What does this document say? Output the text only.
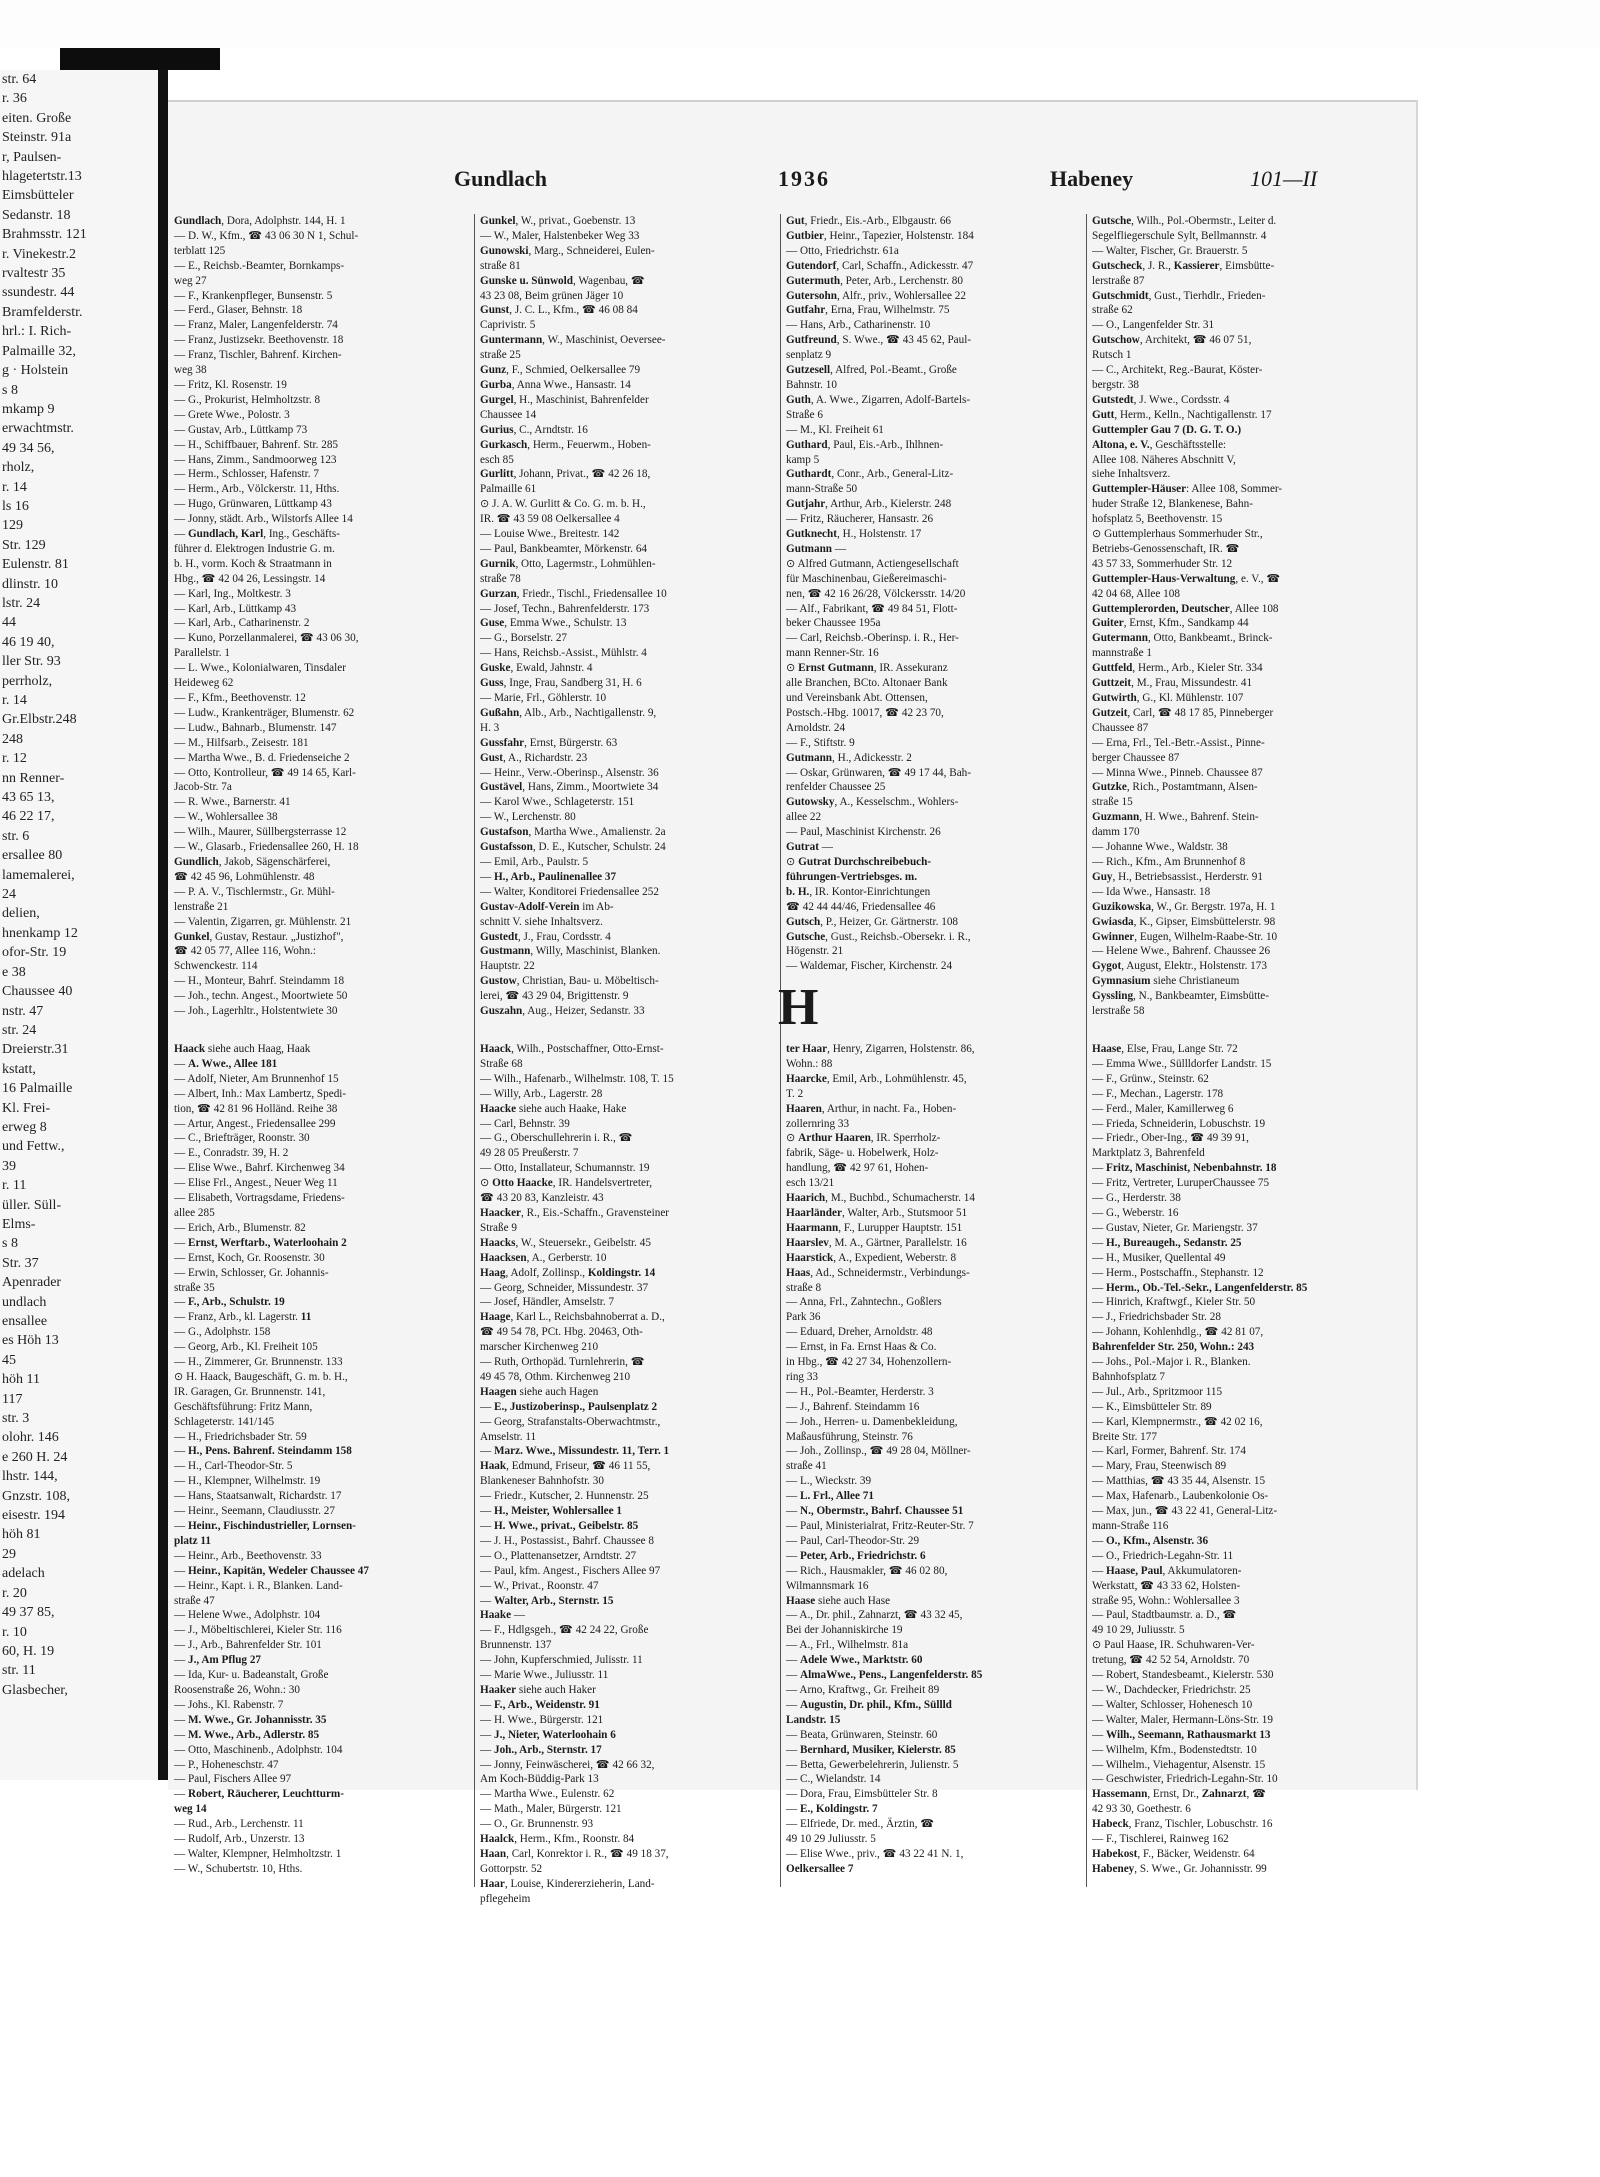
str. 64
r. 36
eiten. Große
Steinstr. 91a
r, Paulsen-
hlagetertstr.13
Eimsbütteler
Sedanstr. 18
Brahmsstr. 121
r. Vinekestr.2
rvaltestr 35
ssundestr. 44
Bramfelderstr.
hrl.: I. Rich-
Palmaille 32,
g · Holstein
s 8
mkamp 9
erwachtmstr.
49 34 56,
rholz,
r. 14
ls 16
129
Str. 129
Eulenstr. 81
dlinstr. 10
lstr. 24
44
46 19 40,
ller Str. 93
perrholz,
r. 14
Gr.Elbstr.248
248
r. 12
nn Renner-
43 65 13,
46 22 17,
str. 6
ersallee 80
lamemalerei,
24
delien,
hnenkamp 12
ofor-Str. 19
e 38
Chaussee 40
nstr. 47
str. 24
Dreierstr.31
kstatt,
16 Palmaille
Kl. Frei-
erweg 8
und Fettw.,
39
r. 11
üller. Süll-
Elms-
s 8
Str. 37
Apenrader
undlach
ensallee
es Höh 13
45
höh 11
117
str. 3
olohr. 146
e 260 H. 24
lhstr. 144,
Gnzstr. 108,
eisestr. 194
höh 81
29
adelach
r. 20
49 37 85,
r. 10
60, H. 19
str. 11
Glasbecher,
Gundlach	1936	Habeney	101—II
Gundlach, Dora, Adolphstr. 144, H. 1
— D. W., Kfm., ☎ 43 06 30 N 1, Schul-
terblatt 125
— E., Reichsb.-Beamter, Bornkamps-
weg 27
— F., Krankenpfleger, Bunsenstr. 5
— Ferd., Glaser, Behnstr. 18
— Franz, Maler, Langenfelderstr. 74
— Franz, Justizsekr. Beethovenstr. 18
— Franz, Tischler, Bahrenf. Kirchen-
weg 38
— Fritz, Kl. Rosenstr. 19
— G., Prokurist, Helmholtzstr. 8
— Grete Wwe., Polostr. 3
— Gustav, Arb., Lüttkamp 73
— H., Schiffbauer, Bahrenf. Str. 285
— Hans, Zimm., Sandmoorweg 123
— Herm., Schlosser, Hafenstr. 7
— Herm., Arb., Völckerstr. 11, Hths.
— Hugo, Grünwaren, Lüttkamp 43
— Jonny, städt. Arb., Wilstorfs Allee 14
— Gundlach, Karl, Ing., Geschäfts-
führer d. Elektrogen Industrie G. m.
b. H., vorm. Koch & Straatmann in
Hbg., ☎ 42 04 26, Lessingstr. 14
— Karl, Ing., Moltkestr. 3
— Karl, Arb., Lüttkamp 43
— Karl, Arb., Catharinenstr. 2
— Kuno, Porzellanmalerei, ☎ 43 06 30,
Parallelstr. 1
— L. Wwe., Kolonialwaren, Tinsdaler
Heideweg 62
— F., Kfm., Beethovenstr. 12
— Ludw., Krankenträger, Blumenstr. 62
— Ludw., Bahnarb., Blumenstr. 147
— M., Hilfsarb., Zeisestr. 181
— Martha Wwe., B. d. Friedenseiche 2
— Otto, Kontrolleur, ☎ 49 14 65, Karl-
Jacob-Str. 7a
— R. Wwe., Barnerstr. 41
— W., Wohlersallee 38
— Wilh., Maurer, Süllbergsterrasse 12
— W., Glasarb., Friedensallee 260, H. 18
Gundlich, Jakob, Sägenschärferei,
☎ 42 45 96, Lohmühlenstr. 48
— P. A. V., Tischlermstr., Gr. Mühl-
lenstraße 21
— Valentin, Zigarren, gr. Mühlenstr. 21
Gunkel, Gustav, Restaur. „Justizhof",
☎ 42 05 77, Allee 116, Wohn.:
Schwenckestr. 114
— H., Monteur, Bahrf. Steindamm 18
— Joh., techn. Angest., Moortwiete 50
— Joh., Lagerhltr., Holstentwiete 30
Gunkel, W., privat., Goebenstr. 13
— W., Maler, Halstenbeker Weg 33
Gunowski, Marg., Schneiderei, Eulen-
straße 81
Gunske u. Sünwold, Wagenbau, ☎
43 23 08, Beim grünen Jäger 10
Gunst, J. C. L., Kfm., ☎ 46 08 84
Caprivistr. 5
Guntermann, W., Maschinist, Oeversee-
straße 25
Gunz, F., Schmied, Oelkersallee 79
Gurba, Anna Wwe., Hansastr. 14
Gurgel, H., Maschinist, Bahrenfelder
Chaussee 14
Gurius, C., Arndtstr. 16
Gurkasch, Herm., Feuerwm., Hoben-
esch 85
Gurlitt, Johann, Privat., ☎ 42 26 18,
Palmaille 61
⊙ J. A. W. Gurlitt & Co. G. m. b. H.,
IR. ☎ 43 59 08 Oelkersallee 4
— Louise Wwe., Breitestr. 142
— Paul, Bankbeamter, Mörkenstr. 64
Gurnik, Otto, Lagermstr., Lohmühlen-
straße 78
Gurzan, Friedr., Tischl., Friedensallee 10
— Josef, Techn., Bahrenfelderstr. 173
Guse, Emma Wwe., Schulstr. 13
— G., Borselstr. 27
— Hans, Reichsb.-Assist., Mühlstr. 4
Guske, Ewald, Jahnstr. 4
Guss, Inge, Frau, Sandberg 31, H. 6
— Marie, Frl., Göhlerstr. 10
Gußahn, Alb., Arb., Nachtigallenstr. 9,
H. 3
Gussfahr, Ernst, Bürgerstr. 63
Gust, A., Richardstr. 23
— Heinr., Verw.-Oberinsp., Alsenstr. 36
Gustävel, Hans, Zimm., Moortwiete 34
— Karol Wwe., Schlageterstr. 151
— W., Lerchenstr. 80
Gustafson, Martha Wwe., Amalienstr. 2a
Gustafsson, D. E., Kutscher, Schulstr. 24
— Emil, Arb., Paulstr. 5
— H., Arb., Paulinenallee 37
— Walter, Konditorei Friedensallee 252
Gustav-Adolf-Verein im Ab-
schnitt V. siehe Inhaltsverz.
Gustedt, J., Frau, Cordsstr. 4
Gustmann, Willy, Maschinist, Blanken.
Hauptstr. 22
Gustow, Christian, Bau- u. Möbeltisch-
lerei, ☎ 43 29 04, Brigittenstr. 9
Guszahn, Aug., Heizer, Sedanstr. 33
Gut, Friedr., Eis.-Arb., Elbgaustr. 66
Gutbier, Heinr., Tapezier, Holstenstr. 184
— Otto, Friedrichstr. 61a
Gutendorf, Carl, Schaffn., Adickesstr. 47
Gutermuth, Peter, Arb., Lerchenstr. 80
Gutersohn, Alfr., priv., Wohlersallee 22
Gutfahr, Erna, Frau, Wilhelmstr. 75
— Hans, Arb., Catharinenstr. 10
Gutfreund, S. Wwe., ☎ 43 45 62, Paul-
senplatz 9
Gutzesell, Alfred, Pol.-Beamt., Große
Bahnstr. 10
Guth, A. Wwe., Zigarren, Adolf-Bartels-
Straße 6
— M., Kl. Freiheit 61
Guthard, Paul, Eis.-Arb., Ihlhnen-
kamp 5
Guthardt, Conr., Arb., General-Litz-
mann-Straße 50
Gutjahr, Arthur, Arb., Kielerstr. 248
— Fritz, Räucherer, Hansastr. 26
Gutknecht, H., Holstenstr. 17
Gutmann —
⊙ Alfred Gutmann, Actiengesellschaft
für Maschinenbau, Gießereimaschi-
nen, ☎ 42 16 26/28, Völckersstr. 14/20
— Alf., Fabrikant, ☎ 49 84 51, Flott-
beker Chaussee 195a
— Carl, Reichsb.-Oberinsp. i. R., Her-
mann Renner-Str. 16
⊙ Ernst Gutmann, IR. Assekuranz
alle Branchen, BCto. Altonaer Bank
und Vereinsbank Abt. Ottensen,
Postsch.-Hbg. 10017, ☎ 42 23 70,
Arnoldstr. 24
— F., Stiftstr. 9
Gutmann, H., Adickesstr. 2
— Oskar, Grünwaren, ☎ 49 17 44, Bah-
renfelder Chaussee 25
Gutowsky, A., Kesselschm., Wohlers-
allee 22
— Paul, Maschinist Kirchenstr. 26
Gutrat —
⊙ Gutrat Durchschreibebuch-
führungen-Vertriebsges. m.
b. H., IR. Kontor-Einrichtungen
☎ 42 44 44/46, Friedensallee 46
Gutsch, P., Heizer, Gr. Gärtnerstr. 108
Gutsche, Gust., Reichsb.-Obersekr. i. R.,
Högenstr. 21
— Waldemar, Fischer, Kirchenstr. 24
Gutsche, Wilh., Pol.-Obermstr., Leiter d.
Segelfliegerschule Sylt, Bellmannstr. 4
— Walter, Fischer, Gr. Brauerstr. 5
Gutscheck, J. R., Kassierer, Eimsbütte-
lerstraße 87
Gutschmidt, Gust., Tierhdlr., Frieden-
straße 62
— O., Langenfelder Str. 31
Gutschow, Architekt, ☎ 46 07 51,
Rutsch 1
— C., Architekt, Reg.-Baurat, Köster-
bergstr. 38
Gutstedt, J. Wwe., Cordsstr. 4
Gutt, Herm., Kelln., Nachtigallenstr. 17
Guttempler Gau 7 (D. G. T. O.)
Altona, e. V., Geschäftsstelle:
Allee 108. Näheres Abschnitt V,
siehe Inhaltsverz.
Guttempler-Häuser: Allee 108, Sommer-
huder Straße 12, Blankenese, Bahn-
hofsplatz 5, Beethovenstr. 15
⊙ Guttemplerhaus Sommerhuder Str.,
Betriebs-Genossenschaft, IR. ☎
43 57 33, Sommerhuder Str. 12
Guttempler-Haus-Verwaltung, e. V., ☎
42 04 68, Allee 108
Guttemplerorden, Deutscher, Allee 108
Guiter, Ernst, Kfm., Sandkamp 44
Gutermann, Otto, Bankbeamt., Brinck-
mannstraße 1
Guttfeld, Herm., Arb., Kieler Str. 334
Guttzeit, M., Frau, Missundestr. 41
Gutwirth, G., Kl. Mühlenstr. 107
Gutzeit, Carl, ☎ 48 17 85, Pinneberger
Chaussee 87
— Erna, Frl., Tel.-Betr.-Assist., Pinne-
berger Chaussee 87
— Minna Wwe., Pinneb. Chaussee 87
Gutzke, Rich., Postamtmann, Alsen-
straße 15
Guzmann, H. Wwe., Bahrenf. Stein-
damm 170
— Johanne Wwe., Waldstr. 38
— Rich., Kfm., Am Brunnenhof 8
Guy, H., Betriebsassist., Herderstr. 91
— Ida Wwe., Hansastr. 18
Guzikowska, W., Gr. Bergstr. 197a, H. 1
Gwiasda, K., Gipser, Eimsbüttelerstr. 98
Gwinner, Eugen, Wilhelm-Raabe-Str. 10
— Helene Wwe., Bahrenf. Chaussee 26
Gygot, August, Elektr., Holstenstr. 173
Gymnasium siehe Christianeum
Gyssling, N., Bankbeamter, Eimsbütte-
lerstraße 58
H
Haack siehe auch Haag, Haak
— A. Wwe., Allee 181
— Adolf, Nieter, Am Brunnenhof 15
— Albert, Inh.: Max Lambertz, Spedi-
tion, ☎ 42 81 96 Holländ. Reihe 38
— Artur, Angest., Friedensallee 299
— C., Briefträger, Roonstr. 30
— E., Conradstr. 39, H. 2
— Elise Wwe., Bahrf. Kirchenweg 34
— Elise Frl., Angest., Neuer Weg 11
— Elisabeth, Vortragsdame, Friedens-
allee 285
— Erich, Arb., Blumenstr. 82
— Ernst, Werftarb., Waterloohain 2
— Ernst, Koch, Gr. Roosenstr. 30
— Erwin, Schlosser, Gr. Johannis-
straße 35
— F., Arb., Schulstr. 19
— Franz, Arb., kl. Lagerstr. 11
— G., Adolphstr. 158
— Georg, Arb., Kl. Freiheit 105
— H., Zimmerer, Gr. Brunnenstr. 133
⊙ H. Haack, Baugeschäft, G. m. b. H.,
IR. Garagen, Gr. Brunnenstr. 141,
Geschäftsführung: Fritz Mann,
Schlageterstr. 141/145
— H., Friedrichsbader Str. 59
— H., Pens. Bahrenf. Steindamm 158
— H., Carl-Theodor-Str. 5
— H., Klempner, Wilhelmstr. 19
— Hans, Staatsanwalt, Richardstr. 17
— Heinr., Seemann, Claudiusstr. 27
— Heinr., Fischindustrieller, Lornsen-
platz 11
— Heinr., Arb., Beethovenstr. 33
— Heinr., Kapitän, Wedeler Chaussee 47
— Heinr., Kapt. i. R., Blanken. Land-
straße 47
— Helene Wwe., Adolphstr. 104
— J., Möbeltischlerei, Kieler Str. 116
— J., Arb., Bahrenfelder Str. 101
— J., Am Pflug 27
— Ida, Kur- u. Badeanstalt, Große
Roosenstraße 26, Wohn.: 30
— Johs., Kl. Rabenstr. 7
— M. Wwe., Gr. Johannisstr. 35
— M. Wwe., Arb., Adlerstr. 85
— Otto, Maschinenb., Adolphstr. 104
— P., Hoheneschstr. 47
— Paul, Fischers Allee 97
— Robert, Räucherer, Leuchtturm-
weg 14
— Rud., Arb., Lerchenstr. 11
— Rudolf, Arb., Unzerstr. 13
— Walter, Klempner, Helmholtzstr. 1
— W., Schubertstr. 10, Hths.
Haack, Wilh., Postschaffner, Otto-Ernst-
Straße 68
— Wilh., Hafenarb., Wilhelmstr. 108, T. 15
— Willy, Arb., Lagerstr. 28
Haacke siehe auch Haake, Hake
— Carl, Behnstr. 39
— G., Oberschullehrerin i. R., ☎
49 28 05 Preußerstr. 7
— Otto, Installateur, Schumannstr. 19
⊙ Otto Haacke, IR. Handelsvertreter,
☎ 43 20 83, Kanzleistr. 43
Haacker, R., Eis.-Schaffn., Gravensteiner
Straße 9
Haacks, W., Steuersekr., Geibelstr. 45
Haacksen, A., Gerberstr. 10
Haag, Adolf, Zollinsp., Koldingstr. 14
— Georg, Schneider, Missundestr. 37
— Josef, Händler, Amselstr. 7
Haage, Karl L., Reichsbahnoberrat a. D.,
☎ 49 54 78, PCt. Hbg. 20463, Oth-
marscher Kirchenweg 210
— Ruth, Orthopäd. Turnlehrerin, ☎
49 45 78, Othm. Kirchenweg 210
Haagen siehe auch Hagen
— E., Justizoberinsp., Paulsenplatz 2
— Georg, Strafanstalts-Oberwachtmstr.,
Amselstr. 11
— Marz. Wwe., Missundestr. 11, Terr. 1
Haak, Edmund, Friseur, ☎ 46 11 55,
Blankeneser Bahnhofstr. 30
— Friedr., Kutscher, 2. Hunnenstr. 25
— H., Meister, Wohlersallee 1
— H. Wwe., privat., Geibelstr. 85
— J. H., Postassist., Bahrf. Chaussee 8
— O., Plattenansetzer, Arndtstr. 27
— Paul, kfm. Angest., Fischers Allee 97
— W., Privat., Roonstr. 47
— Walter, Arb., Sternstr. 15
Haake —
— F., Hdlgsgeh., ☎ 42 24 22, Große
Brunnenstr. 137
— John, Kupferschmied, Julisstr. 11
— Marie Wwe., Juliusstr. 11
Haaker siehe auch Haker
— F., Arb., Weidenstr. 91
— H. Wwe., Bürgerstr. 121
— J., Nieter, Waterloohain 6
— Joh., Arb., Sternstr. 17
— Jonny, Feinwäscherei, ☎ 42 66 32,
Am Koch-Büddig-Park 13
— Martha Wwe., Eulenstr. 62
— Math., Maler, Bürgerstr. 121
— O., Gr. Brunnenstr. 93
Haalck, Herm., Kfm., Roonstr. 84
Haan, Carl, Konrektor i. R., ☎ 49 18 37,
Gottorpstr. 52
Haar, Louise, Kindererzieherin, Land-
pflegeheim
ter Haar, Henry, Zigarren, Holstenstr. 86,
Wohn.: 88
Haarcke, Emil, Arb., Lohmühlenstr. 45,
T. 2
Haaren, Arthur, in nacht. Fa., Hoben-
zollernring 33
⊙ Arthur Haaren, IR. Sperrholz-
fabrik, Säge- u. Hobelwerk, Holz-
handlung, ☎ 42 97 61, Hohen-
esch 13/21
Haarich, M., Buchbd., Schumacherstr. 14
Haarländer, Walter, Arb., Stutsmoor 51
Haarmann, F., Lurupper Hauptstr. 151
Haarslev, M. A., Gärtner, Parallelstr. 16
Haarstick, A., Expedient, Weberstr. 8
Haas, Ad., Schneidermstr., Verbindungs-
straße 8
— Anna, Frl., Zahntechn., Goßlers
Park 36
— Eduard, Dreher, Arnoldstr. 48
— Ernst, in Fa. Ernst Haas & Co.
in Hbg., ☎ 42 27 34, Hohenzollern-
ring 33
— H., Pol.-Beamter, Herderstr. 3
— J., Bahrenf. Steindamm 16
— Joh., Herren- u. Damenbekleidung,
Maßausführung, Steinstr. 76
— Joh., Zollinsp., ☎ 49 28 04, Möllner-
straße 41
— L., Wieckstr. 39
— L. Frl., Allee 71
— N., Obermstr., Bahrf. Chaussee 51
— Paul, Ministerialrat, Fritz-Reuter-Str. 7
— Paul, Carl-Theodor-Str. 29
— Peter, Arb., Friedrichstr. 6
— Rich., Hausmakler, ☎ 46 02 80,
Wilmannsmark 16
Haase siehe auch Hase
— A., Dr. phil., Zahnarzt, ☎ 43 32 45,
Bei der Johanniskirche 19
— A., Frl., Wilhelmstr. 81a
— Adele Wwe., Marktstr. 60
— AlmaWwe., Pens., Langenfelderstr. 85
— Arno, Kraftwg., Gr. Freiheit 89
— Augustin, Dr. phil., Kfm., Süllld
Landstr. 15
— Beata, Grünwaren, Steinstr. 60
— Bernhard, Musiker, Kielerstr. 85
— Betta, Gewerbelehrerin, Julienstr. 5
— C., Wielandstr. 14
— Dora, Frau, Eimsbütteler Str. 8
— E., Koldingstr. 7
— Elfriede, Dr. med., Ärztin, ☎
49 10 29 Juliusstr. 5
— Elise Wwe., priv., ☎ 43 22 41 N. 1,
Oelkersallee 7
Haase, Else, Frau, Lange Str. 72
— Emma Wwe., Süllldorfer Landstr. 15
— F., Grünw., Steinstr. 62
— F., Mechan., Lagerstr. 178
— Ferd., Maler, Kamillerweg 6
— Frieda, Schneiderin, Lobuschstr. 19
— Friedr., Ober-Ing., ☎ 49 39 91,
Marktplatz 3, Bahrenfeld
— Fritz, Maschinist, Nebenbahnstr. 18
— Fritz, Vertreter, LuruperChaussee 75
— G., Herderstr. 38
— G., Weberstr. 16
— Gustav, Nieter, Gr. Mariengstr. 37
— H., Bureaugeh., Sedanstr. 25
— H., Musiker, Quellental 49
— Herm., Postschaffn., Stephanstr. 12
— Herm., Ob.-Tel.-Sekr., Langenfelderstr. 85
— Hinrich, Kraftwgf., Kieler Str. 50
— J., Friedrichsbader Str. 28
— Johann, Kohlenhdlg., ☎ 42 81 07,
Bahrenfelder Str. 250, Wohn.: 243
— Johs., Pol.-Major i. R., Blanken.
Bahnhofsplatz 7
— Jul., Arb., Spritzmoor 115
— K., Eimsbütteler Str. 89
— Karl, Klempnermstr., ☎ 42 02 16,
Breite Str. 177
— Karl, Former, Bahrenf. Str. 174
— Mary, Frau, Steenwisch 89
— Matthias, ☎ 43 35 44, Alsenstr. 15
— Max, Hafenarb., Laubenkolonie Os-
— Max, jun., ☎ 43 22 41, General-Litz-
mann-Straße 116
— O., Kfm., Alsenstr. 36
— O., Friedrich-Legahn-Str. 11
— Haase, Paul, Akkumulatoren-
Werkstatt, ☎ 43 33 62, Holsten-
straße 95, Wohn.: Wohlersallee 3
— Paul, Stadtbaumstr. a. D., ☎
49 10 29, Juliusstr. 5
⊙ Paul Haase, IR. Schuhwaren-Ver-
tretung, ☎ 42 52 54, Arnoldstr. 70
— Robert, Standesbeamt., Kielerstr. 530
— W., Dachdecker, Friedrichstr. 25
— Walter, Schlosser, Hohenesch 10
— Walter, Maler, Hermann-Löns-Str. 19
— Wilh., Seemann, Rathausmarkt 13
— Wilhelm, Kfm., Bodenstedtstr. 10
— Wilhelm., Viehagentur, Alsenstr. 15
— Geschwister, Friedrich-Legahn-Str. 10
Hassemann, Ernst, Dr., Zahnarzt, ☎
42 93 30, Goethestr. 6
Habeck, Franz, Tischler, Lobuschstr. 16
— F., Tischlerei, Rainweg 162
Habekost, F., Bäcker, Weidenstr. 64
Habeney, S. Wwe., Gr. Johannisstr. 99
